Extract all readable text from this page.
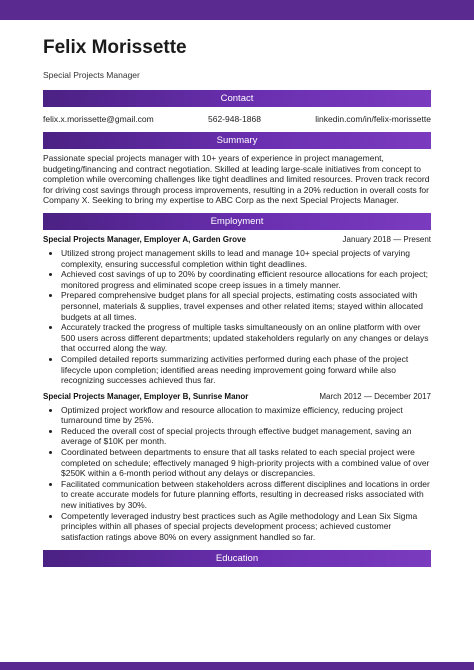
Felix Morissette
Special Projects Manager
Contact
felix.x.morissette@gmail.com	562-948-1868	linkedin.com/in/felix-morissette
Summary
Passionate special projects manager with 10+ years of experience in project management, budgeting/financing and contract negotiation. Skilled at leading large-scale initiatives from concept to completion while overcoming challenges like tight deadlines and limited resources. Proven track record for driving cost savings through process improvements, resulting in a 20% reduction in overall costs for Company X. Seeking to bring my expertise to ABC Corp as the next Special Projects Manager.
Employment
Special Projects Manager, Employer A, Garden Grove	January 2018 — Present
• Utilized strong project management skills to lead and manage 10+ special projects of varying complexity, ensuring successful completion within tight deadlines.
• Achieved cost savings of up to 20% by coordinating efficient resource allocations for each project; monitored progress and eliminated scope creep issues in a timely manner.
• Prepared comprehensive budget plans for all special projects, estimating costs associated with personnel, materials & supplies, travel expenses and other related items; stayed within allocated budgets at all times.
• Accurately tracked the progress of multiple tasks simultaneously on an online platform with over 500 users across different departments; updated stakeholders regularly on any changes or delays that occurred along the way.
• Compiled detailed reports summarizing activities performed during each phase of the project lifecycle upon completion; identified areas needing improvement going forward while also recognizing successes achieved thus far.
Special Projects Manager, Employer B, Sunrise Manor	March 2012 — December 2017
• Optimized project workflow and resource allocation to maximize efficiency, reducing project turnaround time by 25%.
• Reduced the overall cost of special projects through effective budget management, saving an average of $10K per month.
• Coordinated between departments to ensure that all tasks related to each special project were completed on schedule; effectively managed 9 high-priority projects with a combined value of over $250K within a 6-month period without any delays or discrepancies.
• Facilitated communication between stakeholders across different disciplines and locations in order to create accurate models for future planning efforts, resulting in decreased risks associated with new initiatives by 30%.
• Competently leveraged industry best practices such as Agile methodology and Lean Six Sigma principles within all phases of special projects development process; achieved customer satisfaction ratings above 80% on every assignment handled so far.
Education
